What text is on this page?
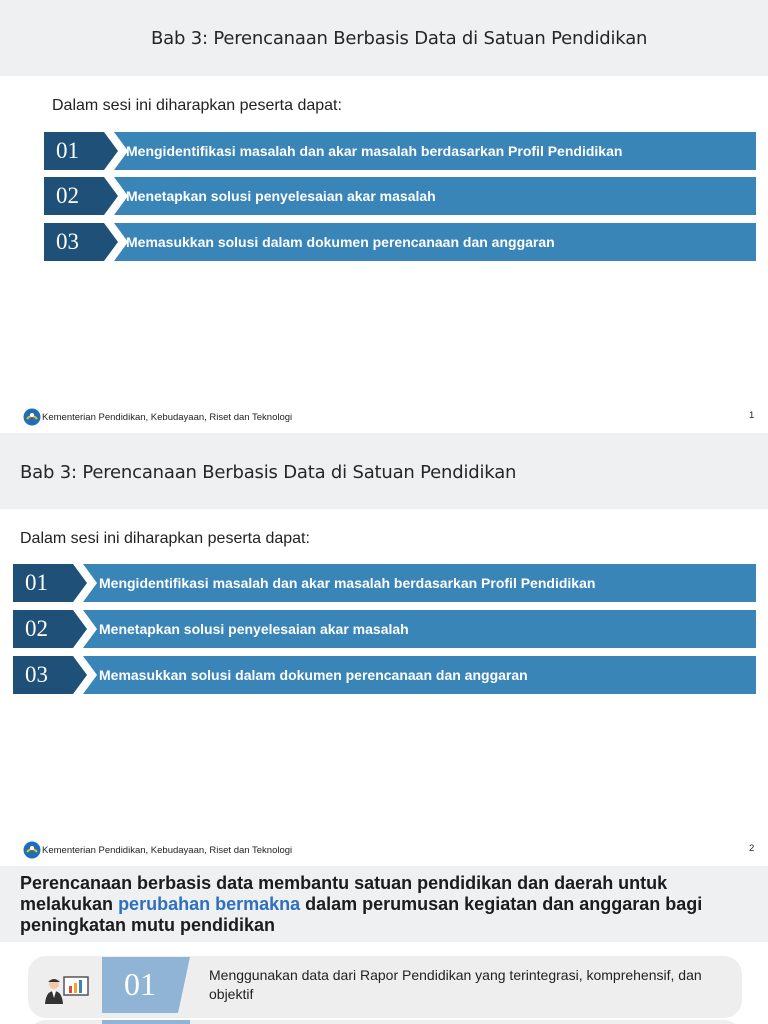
Bab 3: Perencanaan Berbasis Data di Satuan Pendidikan
Dalam sesi ini diharapkan peserta dapat:
01	Mengidentifikasi masalah dan akar masalah berdasarkan Profil Pendidikan
02	Menetapkan solusi penyelesaian akar masalah
03	Memasukkan solusi dalam dokumen perencanaan dan anggaran
Kementerian Pendidikan, Kebudayaan, Riset dan Teknologi	1
Bab 3: Perencanaan Berbasis Data di Satuan Pendidikan
Dalam sesi ini diharapkan peserta dapat:
01	Mengidentifikasi masalah dan akar masalah berdasarkan Profil Pendidikan
02	Menetapkan solusi penyelesaian akar masalah
03	Memasukkan solusi dalam dokumen perencanaan dan anggaran
Kementerian Pendidikan, Kebudayaan, Riset dan Teknologi	2
Perencanaan berbasis data membantu satuan pendidikan dan daerah untuk melakukan perubahan bermakna dalam perumusan kegiatan dan anggaran bagi peningkatan mutu pendidikan
01	Menggunakan data dari Rapor Pendidikan yang terintegrasi, komprehensif, dan objektif
